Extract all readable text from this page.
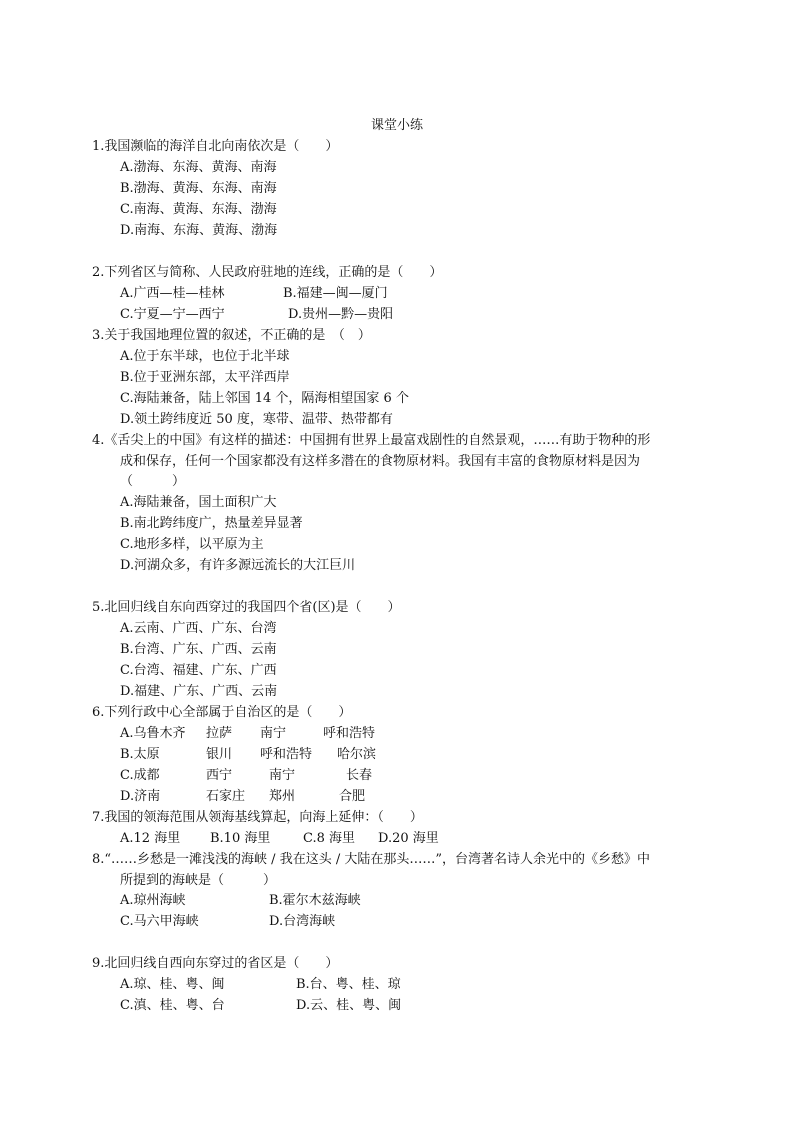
课堂小练
1.我国濒临的海洋自北向南依次是（　　）
A.渤海、东海、黄海、南海
B.渤海、黄海、东海、南海
C.南海、黄海、东海、渤海
D.南海、东海、黄海、渤海
2.下列省区与简称、人民政府驻地的连线，正确的是（　　）
A.广西—桂—桂林	B.福建—闽—厦门
C.宁夏—宁—西宁	D.贵州—黔—贵阳
3.关于我国地理位置的叙述，不正确的是　（　）
A.位于东半球，也位于北半球
B.位于亚洲东部，太平洋西岸
C.海陆兼备，陆上邻国 14 个，隔海相望国家 6 个
D.领土跨纬度近 50 度，寒带、温带、热带都有
4.《舌尖上的中国》有这样的描述：中国拥有世界上最富戏剧性的自然景观，……有助于物种的形
成和保存，任何一个国家都没有这样多潜在的食物原材料。我国有丰富的食物原材料是因为
（　　　）
A.海陆兼备，国土面积广大
B.南北跨纬度广，热量差异显著
C.地形多样，以平原为主
D.河湖众多，有许多源远流长的大江巨川
5.北回归线自东向西穿过的我国四个省(区)是（　　）
A.云南、广西、广东、台湾
B.台湾、广东、广西、云南
C.台湾、福建、广东、广西
D.福建、广东、广西、云南
6.下列行政中心全部属于自治区的是（　　）
A.乌鲁木齐 拉萨 南宁	呼和浩特
B.太原	银川 呼和浩特 哈尔滨
C.成都	西宁	南宁	长春
D.济南	石家庄 郑州	合肥
7.我国的领海范围从领海基线算起，向海上延伸：（　　）
A.12 海里 B.10 海里	C.8 海里 D.20 海里
8.“……乡愁是一滩浅浅的海峡 / 我在这头 / 大陆在那头……”，台湾著名诗人余光中的《乡愁》中
所提到的海峡是（　　　）
A.琼州海峡	B.霍尔木兹海峡
C.马六甲海峡	D.台湾海峡
9.北回归线自西向东穿过的省区是（　　）
A.琼、桂、粤、闽	B.台、粤、桂、琼
C.滇、桂、粤、台	D.云、桂、粤、闽
